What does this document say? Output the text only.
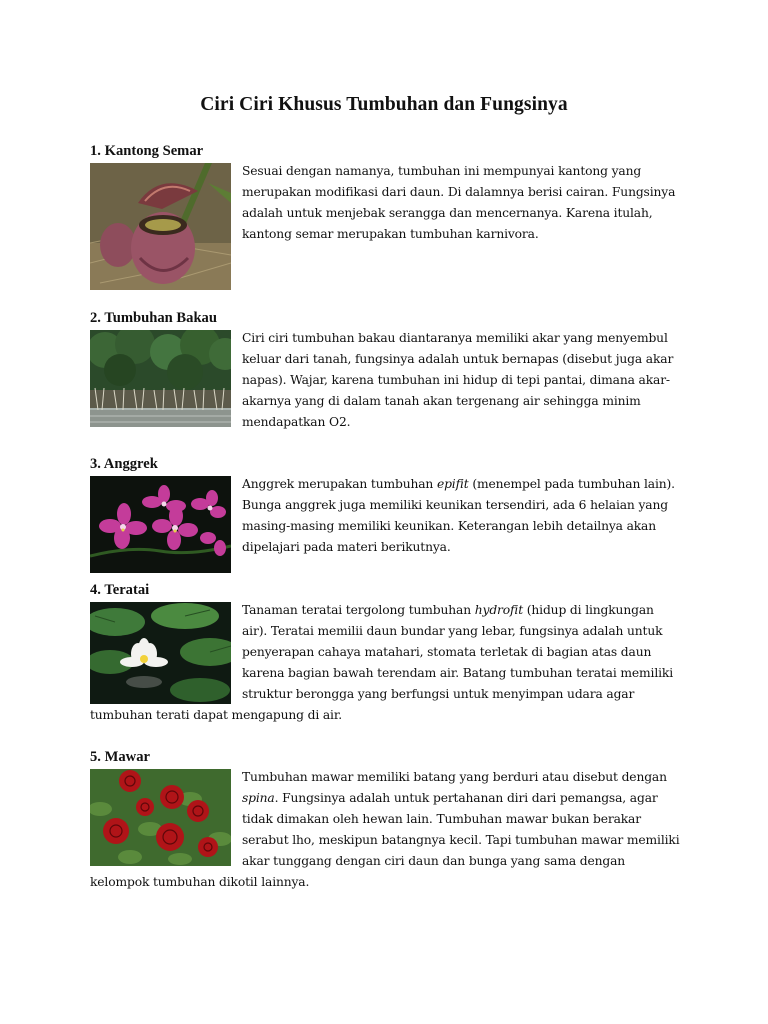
Ciri Ciri Khusus Tumbuhan dan Fungsinya
1. Kantong Semar

Sesuai dengan namanya, tumbuhan ini mempunyai kantong yang merupakan modifikasi dari daun. Di dalamnya berisi cairan. Fungsinya adalah untuk menjebak serangga dan mencernanya. Karena itulah, kantong semar merupakan tumbuhan karnivora.

2. Tumbuhan Bakau

Ciri ciri tumbuhan bakau diantaranya memiliki akar yang menyembul keluar dari tanah, fungsinya adalah untuk bernapas (disebut juga akar napas). Wajar, karena tumbuhan ini hidup di tepi pantai, dimana akar-akarnya yang di dalam tanah akan tergenang air sehingga minim mendapatkan O2.

3. Anggrek

Anggrek merupakan tumbuhan epifit (menempel pada tumbuhan lain). Bunga anggrek juga memiliki keunikan tersendiri, ada 6 helaian yang masing-masing memiliki keunikan. Keterangan lebih detailnya akan dipelajari pada materi berikutnya.

4. Teratai

Tanaman teratai tergolong tumbuhan hydrofit (hidup di lingkungan air). Teratai memilii daun bundar yang lebar, fungsinya adalah untuk penyerapan cahaya matahari, stomata terletak di bagian atas daun karena bagian bawah terendam air. Batang tumbuhan teratai memiliki struktur berongga yang berfungsi untuk menyimpan udara agar tumbuhan terati dapat mengapung di air.

5. Mawar

Tumbuhan mawar memiliki batang yang berduri atau disebut dengan spina. Fungsinya adalah untuk pertahanan diri dari pemangsa, agar tidak dimakan oleh hewan lain. Tumbuhan mawar bukan berakar serabut lho, meskipun batangnya kecil. Tapi tumbuhan mawar memiliki akar tunggang dengan ciri daun dan bunga yang sama dengan kelompok tumbuhan dikotil lainnya.
